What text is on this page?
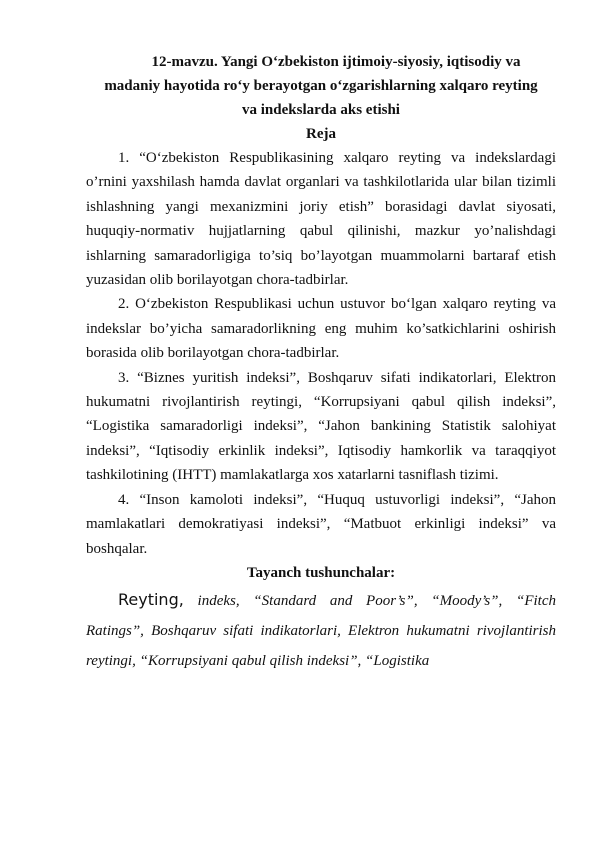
12-mavzu. Yangi O‘zbekiston ijtimoiy-siyosiy, iqtisodiy va
madaniy hayotida ro‘y berayotgan o‘zgarishlarning xalqaro reyting
va indekslarda aks etishi
Reja

1. “O‘zbekiston Respublikasining xalqaro reyting va indekslardagi o’rnini yaxshilash hamda davlat organlari va tashkilotlarida ular bilan tizimli ishlashning yangi mexanizmini joriy etish” borasidagi davlat siyosati, huquqiy-normativ hujjatlarning qabul qilinishi, mazkur yo’nalishdagi ishlarning samaradorligiga to’siq bo’layotgan muammolarni bartaraf etish yuzasidan olib borilayotgan chora-tadbirlar.

2. O‘zbekiston Respublikasi uchun ustuvor bo‘lgan xalqaro reyting va indekslar bo’yicha samaradorlikning eng muhim ko’satkichlarini oshirish borasida olib borilayotgan chora-tadbirlar.

3. “Biznes yuritish indeksi”, Boshqaruv sifati indikatorlari, Elektron hukumatni rivojlantirish reytingi, “Korrupsiyani qabul qilish indeksi”, “Logistika samaradorligi indeksi”, “Jahon bankining Statistik salohiyat indeksi”, “Iqtisodiy erkinlik indeksi”, Iqtisodiy hamkorlik va taraqqiyot tashkilotining (IHTT) mamlakatlarga xos xatarlarni tasniflash tizimi.

4. “Inson kamoloti indeksi”, “Huquq ustuvorligi indeksi”, “Jahon mamlakatlari demokratiyasi indeksi”, “Matbuot erkinligi indeksi” va boshqalar.

Tayanch tushunchalar:

Reyting, indeks, “Standard and Poor’s”, “Moody’s”, “Fitch Ratings”, Boshqaruv sifati indikatorlari, Elektron hukumatni rivojlantirish reytingi, “Korrupsiyani qabul qilish indeksi”, “Logistika
